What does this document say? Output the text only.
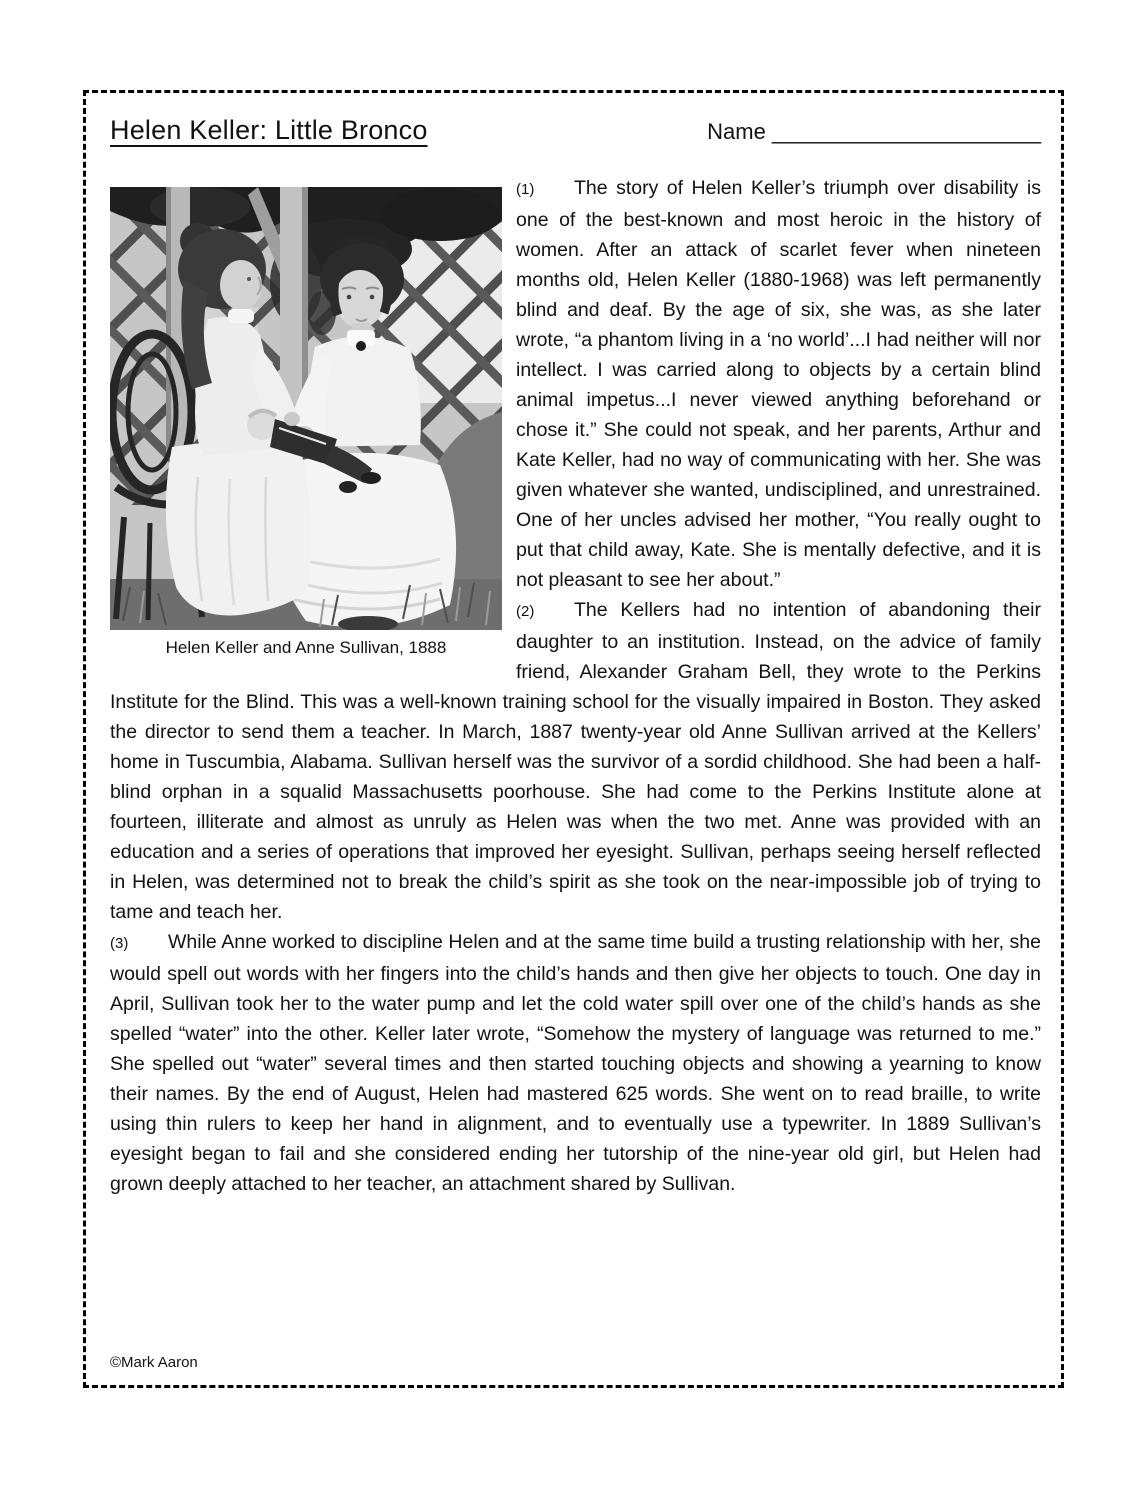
Helen Keller: Little Bronco	Name ______________________
Helen Keller and Anne Sullivan, 1888

(1) The story of Helen Keller’s triumph over disability is one of the best-known and most heroic in the history of women. After an attack of scarlet fever when nineteen months old, Helen Keller (1880-1968) was left permanently blind and deaf. By the age of six, she was, as she later wrote, “a phantom living in a ‘no world’...I had neither will nor intellect. I was carried along to objects by a certain blind animal impetus...I never viewed anything beforehand or chose it.” She could not speak, and her parents, Arthur and Kate Keller, had no way of communicating with her. She was given whatever she wanted, undisciplined, and unrestrained. One of her uncles advised her mother, “You really ought to put that child away, Kate. She is mentally defective, and it is not pleasant to see her about.”

(2) The Kellers had no intention of abandoning their daughter to an institution. Instead, on the advice of family friend, Alexander Graham Bell, they wrote to the Perkins Institute for the Blind. This was a well-known training school for the visually impaired in Boston. They asked the director to send them a teacher. In March, 1887 twenty-year old Anne Sullivan arrived at the Kellers’ home in Tuscumbia, Alabama. Sullivan herself was the survivor of a sordid childhood. She had been a half-blind orphan in a squalid Massachusetts poorhouse. She had come to the Perkins Institute alone at fourteen, illiterate and almost as unruly as Helen was when the two met. Anne was provided with an education and a series of operations that improved her eyesight. Sullivan, perhaps seeing herself reflected in Helen, was determined not to break the child’s spirit as she took on the near-impossible job of trying to tame and teach her.

(3) While Anne worked to discipline Helen and at the same time build a trusting relationship with her, she would spell out words with her fingers into the child’s hands and then give her objects to touch. One day in April, Sullivan took her to the water pump and let the cold water spill over one of the child’s hands as she spelled “water” into the other. Keller later wrote, “Somehow the mystery of language was returned to me.” She spelled out “water” several times and then started touching objects and showing a yearning to know their names. By the end of August, Helen had mastered 625 words. She went on to read braille, to write using thin rulers to keep her hand in alignment, and to eventually use a typewriter. In 1889 Sullivan’s eyesight began to fail and she considered ending her tutorship of the nine-year old girl, but Helen had grown deeply attached to her teacher, an attachment shared by Sullivan.

©Mark Aaron
